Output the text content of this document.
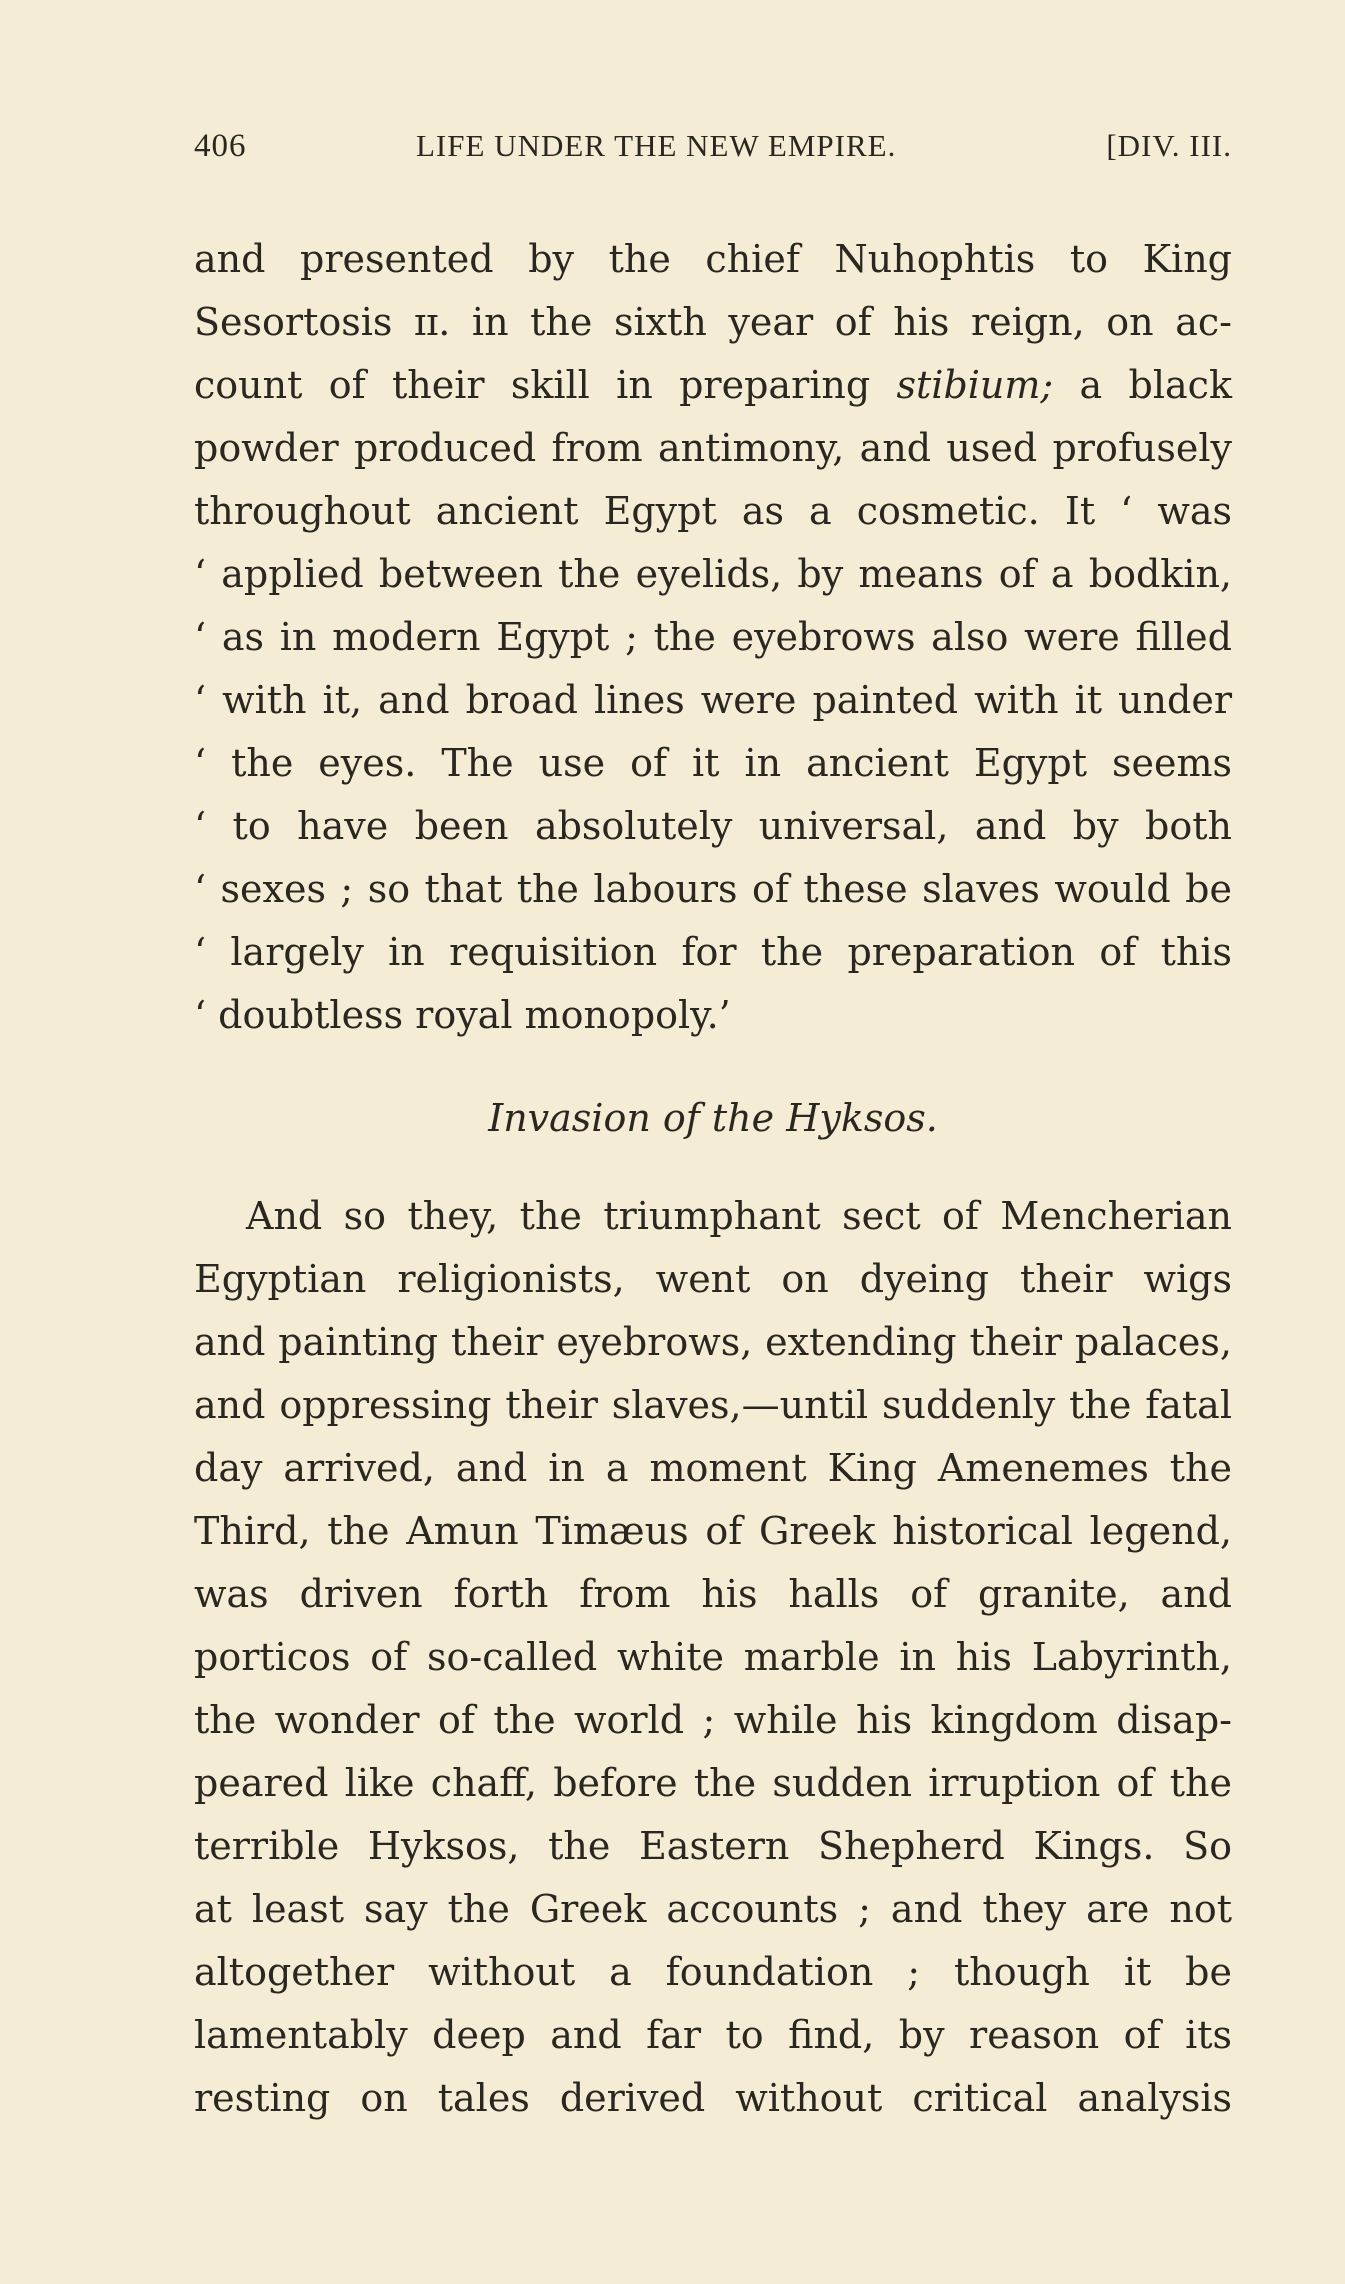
406	LIFE UNDER THE NEW EMPIRE.	[DIV. III.
and presented by the chief Nuhophtis to King
Sesortosis ɪɪ. in the sixth year of his reign, on ac-
count of their skill in preparing stibium; a black
powder produced from antimony, and used profusely
throughout ancient Egypt as a cosmetic. It ‘ was
‘ applied between the eyelids, by means of a bodkin,
‘ as in modern Egypt ; the eyebrows also were filled
‘ with it, and broad lines were painted with it under
‘ the eyes. The use of it in ancient Egypt seems
‘ to have been absolutely universal, and by both
‘ sexes ; so that the labours of these slaves would be
‘ largely in requisition for the preparation of this
‘ doubtless royal monopoly.’
Invasion of the Hyksos.
And so they, the triumphant sect of Mencherian
Egyptian religionists, went on dyeing their wigs
and painting their eyebrows, extending their palaces,
and oppressing their slaves,—until suddenly the fatal
day arrived, and in a moment King Amenemes the
Third, the Amun Timæus of Greek historical legend,
was driven forth from his halls of granite, and
porticos of so-called white marble in his Labyrinth,
the wonder of the world ; while his kingdom disap-
peared like chaff, before the sudden irruption of the
terrible Hyksos, the Eastern Shepherd Kings. So
at least say the Greek accounts ; and they are not
altogether without a foundation ; though it be
lamentably deep and far to find, by reason of its
resting on tales derived without critical analysis
